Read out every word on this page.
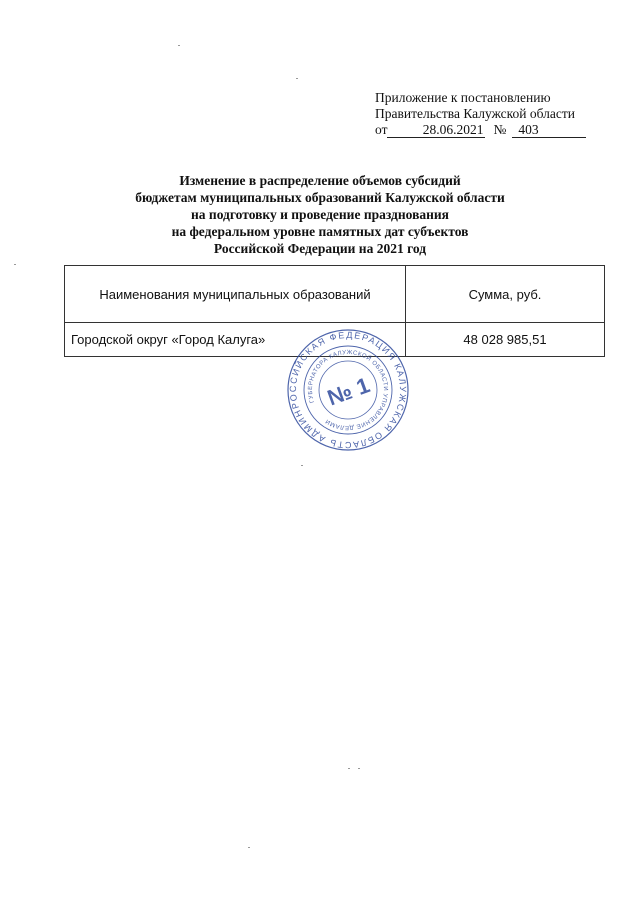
Приложение к постановлению
Правительства Калужской области
от	28.06.2021 № 403
Изменение в распределение объемов субсидий
бюджетам муниципальных образований Калужской области
на подготовку и проведение празднования
на федеральном уровне памятных дат субъектов
Российской Федерации на 2021 год
Наименования муниципальных образований	Сумма, руб.
Городской округ «Город Калуга»	48 028 985,51
РОССИЙСКАЯ ФЕДЕРАЦИЯ КАЛУЖСКАЯ ОБЛАСТЬ АДМИНИСТРАЦИЯ
ГУБЕРНАТОРА КАЛУЖСКОЙ ОБЛАСТИ УПРАВЛЕНИЕ ДЕЛАМИ
№ 1
